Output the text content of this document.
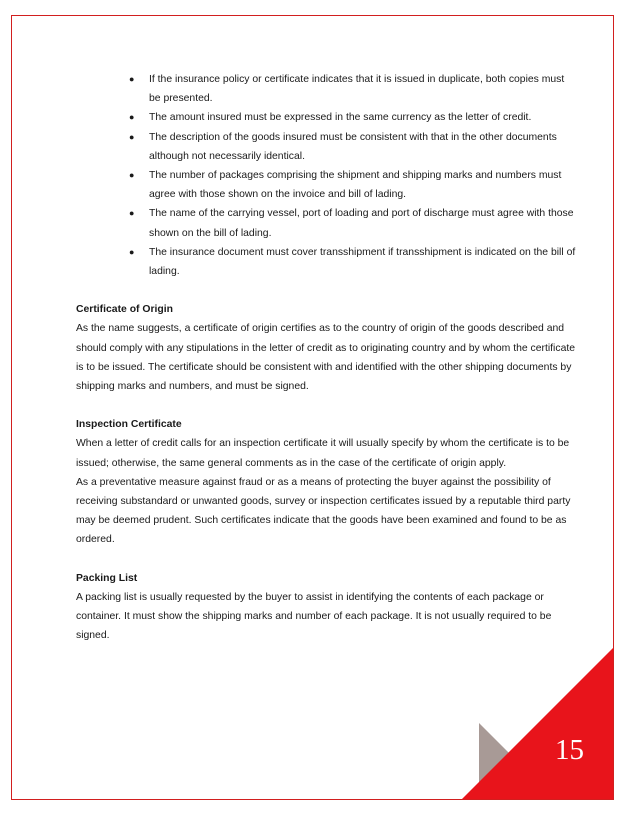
● If the insurance policy or certificate indicates that it is issued in duplicate, both copies must be presented.
● The amount insured must be expressed in the same currency as the letter of credit.
● The description of the goods insured must be consistent with that in the other documents although not necessarily identical.
● The number of packages comprising the shipment and shipping marks and numbers must agree with those shown on the invoice and bill of lading.
● The name of the carrying vessel, port of loading and port of discharge must agree with those shown on the bill of lading.
● The insurance document must cover transshipment if transshipment is indicated on the bill of lading.
Certificate of Origin

As the name suggests, a certificate of origin certifies as to the country of origin of the goods described and should comply with any stipulations in the letter of credit as to originating country and by whom the certificate is to be issued. The certificate should be consistent with and identified with the other shipping documents by shipping marks and numbers, and must be signed.

Inspection Certificate

When a letter of credit calls for an inspection certificate it will usually specify by whom the certificate is to be issued; otherwise, the same general comments as in the case of the certificate of origin apply.

As a preventative measure against fraud or as a means of protecting the buyer against the possibility of receiving substandard or unwanted goods, survey or inspection certificates issued by a reputable third party may be deemed prudent. Such certificates indicate that the goods have been examined and found to be as ordered.

Packing List

A packing list is usually requested by the buyer to assist in identifying the contents of each package or container. It must show the shipping marks and number of each package. It is not usually required to be signed.

15
